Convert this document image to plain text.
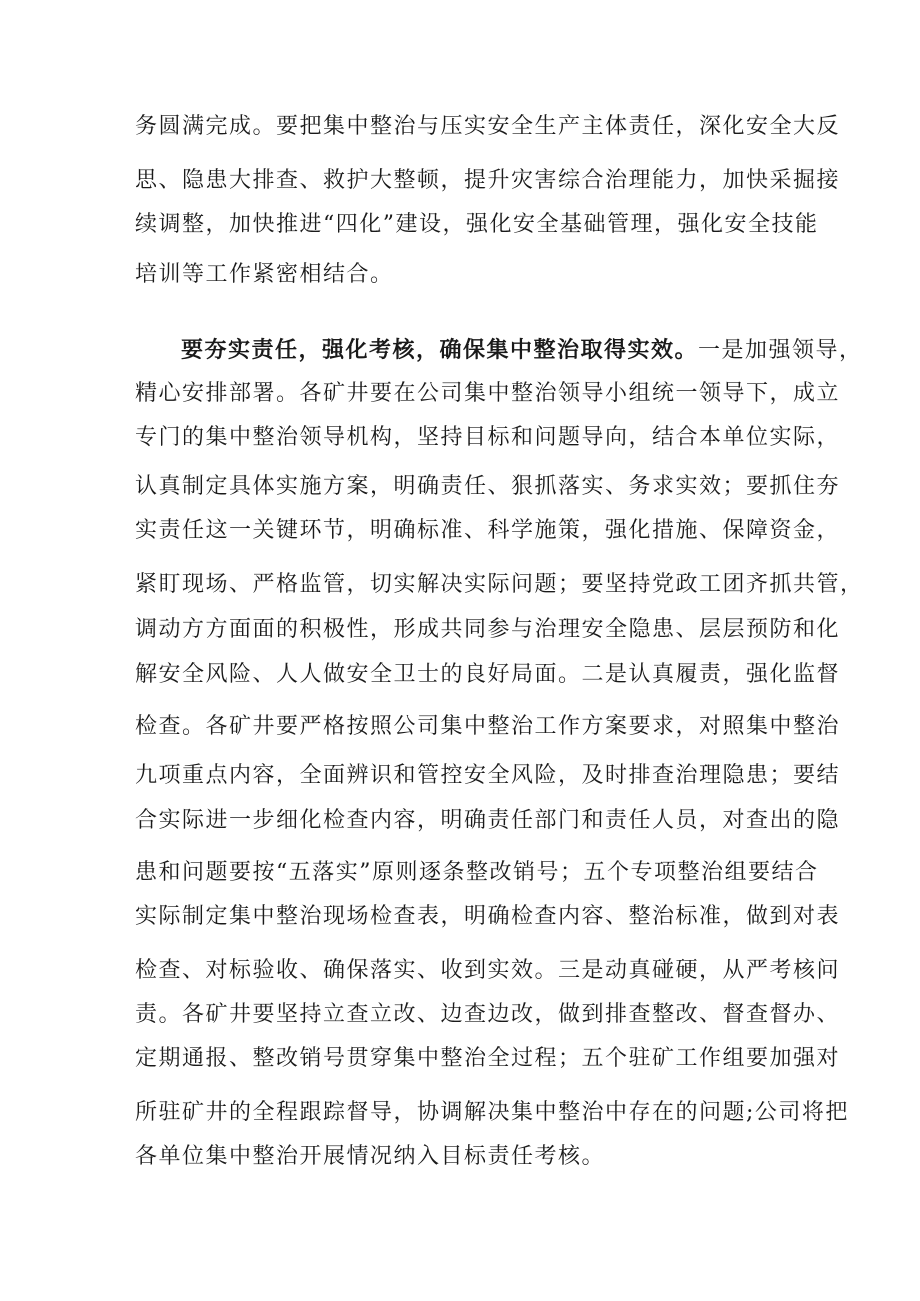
务圆满完成。要把集中整治与压实安全生产主体责任，深化安全大反
思、隐患大排查、救护大整顿，提升灾害综合治理能力，加快采掘接
续调整，加快推进“四化”建设，强化安全基础管理，强化安全技能
培训等工作紧密相结合。
要夯实责任，强化考核，确保集中整治取得实效。一是加强领导，
精心安排部署。各矿井要在公司集中整治领导小组统一领导下，成立
专门的集中整治领导机构，坚持目标和问题导向，结合本单位实际，
认真制定具体实施方案，明确责任、狠抓落实、务求实效；要抓住夯
实责任这一关键环节，明确标准、科学施策，强化措施、保障资金，
紧盯现场、严格监管，切实解决实际问题；要坚持党政工团齐抓共管，
调动方方面面的积极性，形成共同参与治理安全隐患、层层预防和化
解安全风险、人人做安全卫士的良好局面。二是认真履责，强化监督
检查。各矿井要严格按照公司集中整治工作方案要求，对照集中整治
九项重点内容，全面辨识和管控安全风险，及时排查治理隐患；要结
合实际进一步细化检查内容，明确责任部门和责任人员，对查出的隐
患和问题要按“五落实”原则逐条整改销号；五个专项整治组要结合
实际制定集中整治现场检查表，明确检查内容、整治标准，做到对表
检查、对标验收、确保落实、收到实效。三是动真碰硬，从严考核问
责。各矿井要坚持立查立改、边查边改，做到排查整改、督查督办、
定期通报、整改销号贯穿集中整治全过程；五个驻矿工作组要加强对
所驻矿井的全程跟踪督导，协调解决集中整治中存在的问题;公司将把
各单位集中整治开展情况纳入目标责任考核。
